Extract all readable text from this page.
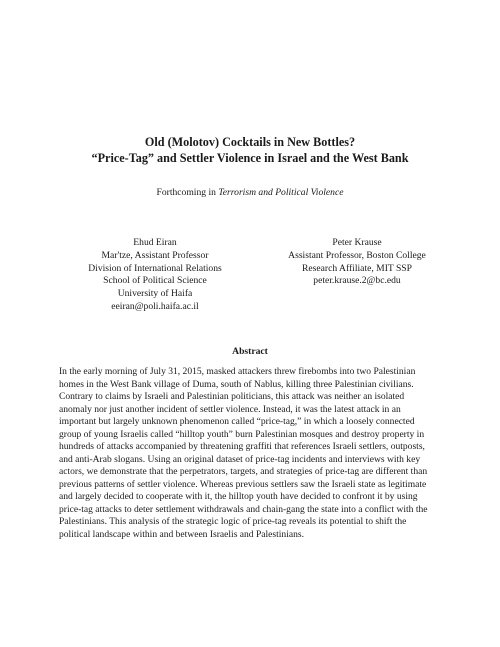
Old (Molotov) Cocktails in New Bottles?
“Price-Tag” and Settler Violence in Israel and the West Bank
Forthcoming in Terrorism and Political Violence
Ehud Eiran
Mar'tze, Assistant Professor
Division of International Relations
School of Political Science
University of Haifa
eeiran@poli.haifa.ac.il
Peter Krause
Assistant Professor, Boston College
Research Affiliate, MIT SSP
peter.krause.2@bc.edu
Abstract
In the early morning of July 31, 2015, masked attackers threw firebombs into two Palestinian
homes in the West Bank village of Duma, south of Nablus, killing three Palestinian civilians.
Contrary to claims by Israeli and Palestinian politicians, this attack was neither an isolated
anomaly nor just another incident of settler violence. Instead, it was the latest attack in an
important but largely unknown phenomenon called “price-tag,” in which a loosely connected
group of young Israelis called “hilltop youth” burn Palestinian mosques and destroy property in
hundreds of attacks accompanied by threatening graffiti that references Israeli settlers, outposts,
and anti-Arab slogans. Using an original dataset of price-tag incidents and interviews with key
actors, we demonstrate that the perpetrators, targets, and strategies of price-tag are different than
previous patterns of settler violence. Whereas previous settlers saw the Israeli state as legitimate
and largely decided to cooperate with it, the hilltop youth have decided to confront it by using
price-tag attacks to deter settlement withdrawals and chain-gang the state into a conflict with the
Palestinians. This analysis of the strategic logic of price-tag reveals its potential to shift the
political landscape within and between Israelis and Palestinians.
